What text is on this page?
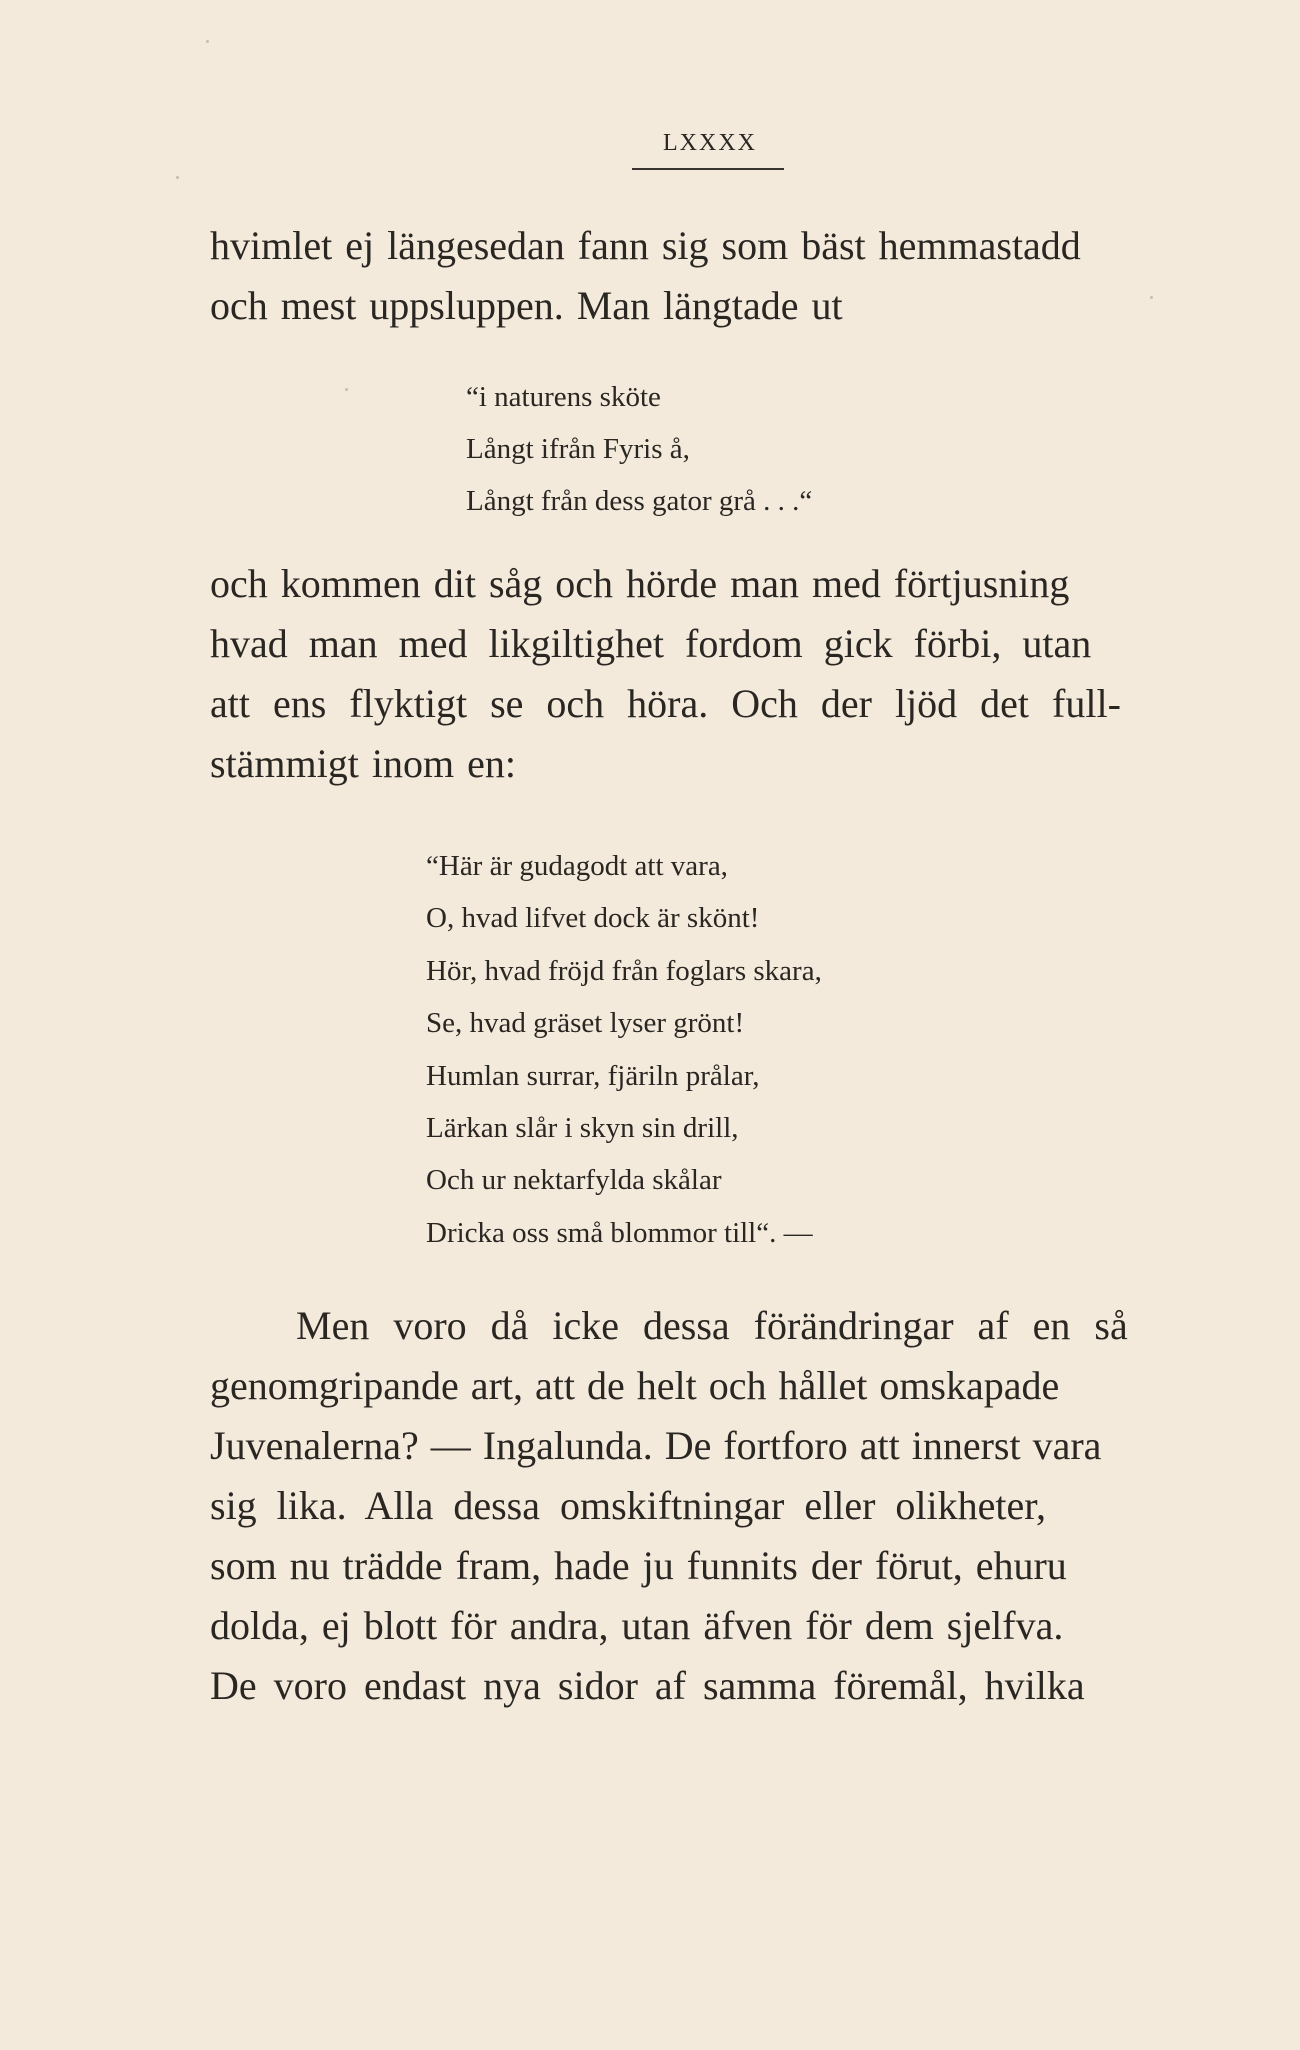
LXXXX
hvimlet ej längesedan fann sig som bäst hemmastadd
och mest uppsluppen. Man längtade ut
“i naturens sköte
Långt ifrån Fyris å,
Långt från dess gator grå . . .“
och kommen dit såg och hörde man med förtjusning
hvad man med likgiltighet fordom gick förbi, utan
att ens flyktigt se och höra. Och der ljöd det full-
stämmigt inom en:
“Här är gudagodt att vara,
O, hvad lifvet dock är skönt!
Hör, hvad fröjd från foglars skara,
Se, hvad gräset lyser grönt!
Humlan surrar, fjäriln prålar,
Lärkan slår i skyn sin drill,
Och ur nektarfylda skålar
Dricka oss små blommor till“. —
Men voro då icke dessa förändringar af en så
genomgripande art, att de helt och hållet omskapade
Juvenalerna? — Ingalunda. De fortforo att innerst vara
sig lika. Alla dessa omskiftningar eller olikheter,
som nu trädde fram, hade ju funnits der förut, ehuru
dolda, ej blott för andra, utan äfven för dem sjelfva.
De voro endast nya sidor af samma föremål, hvilka
